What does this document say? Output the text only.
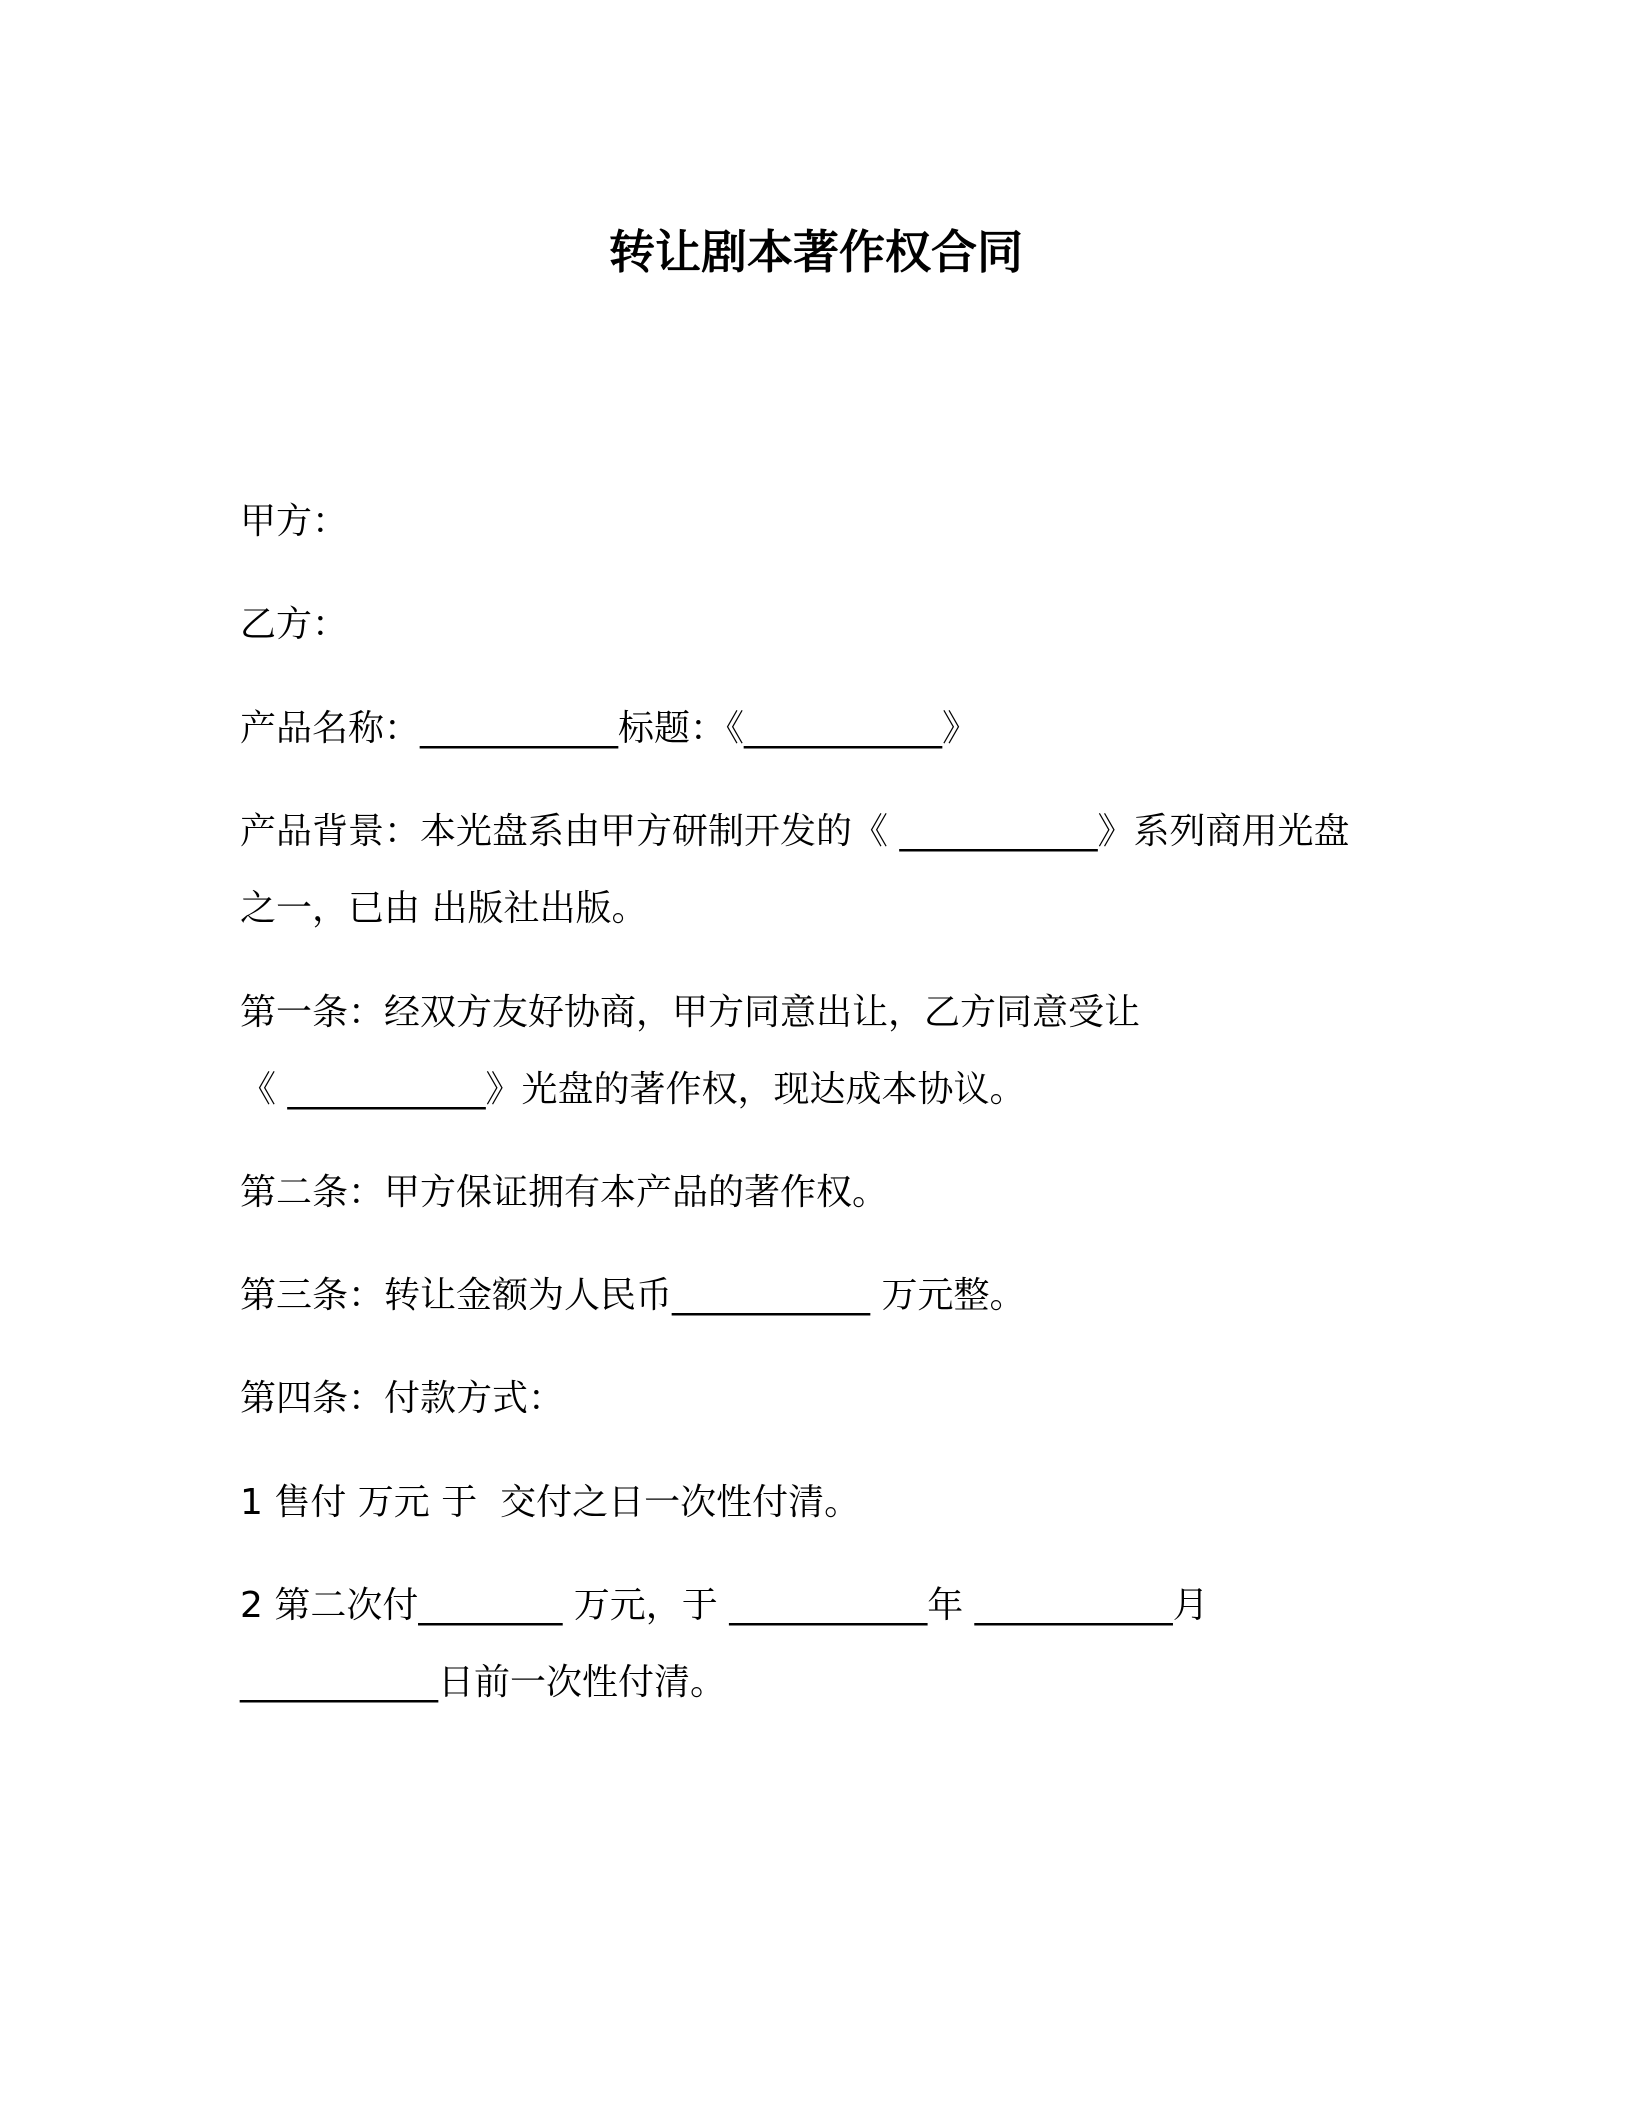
转让剧本著作权合同
甲方：
乙方：
产品名称：___________标题：《___________》
产品背景：本光盘系由甲方研制开发的《 ___________》系列商用光盘
之一，已由 出版社出版。
第一条：经双方友好协商，甲方同意出让，乙方同意受让
《 ___________》光盘的著作权，现达成本协议。
第二条：甲方保证拥有本产品的著作权。
第三条：转让金额为人民币___________ 万元整。
第四条：付款方式：
1 售付 万元 于  交付之日一次性付清。
2 第二次付________ 万元，于 ___________年 ___________月
___________日前一次性付清。
